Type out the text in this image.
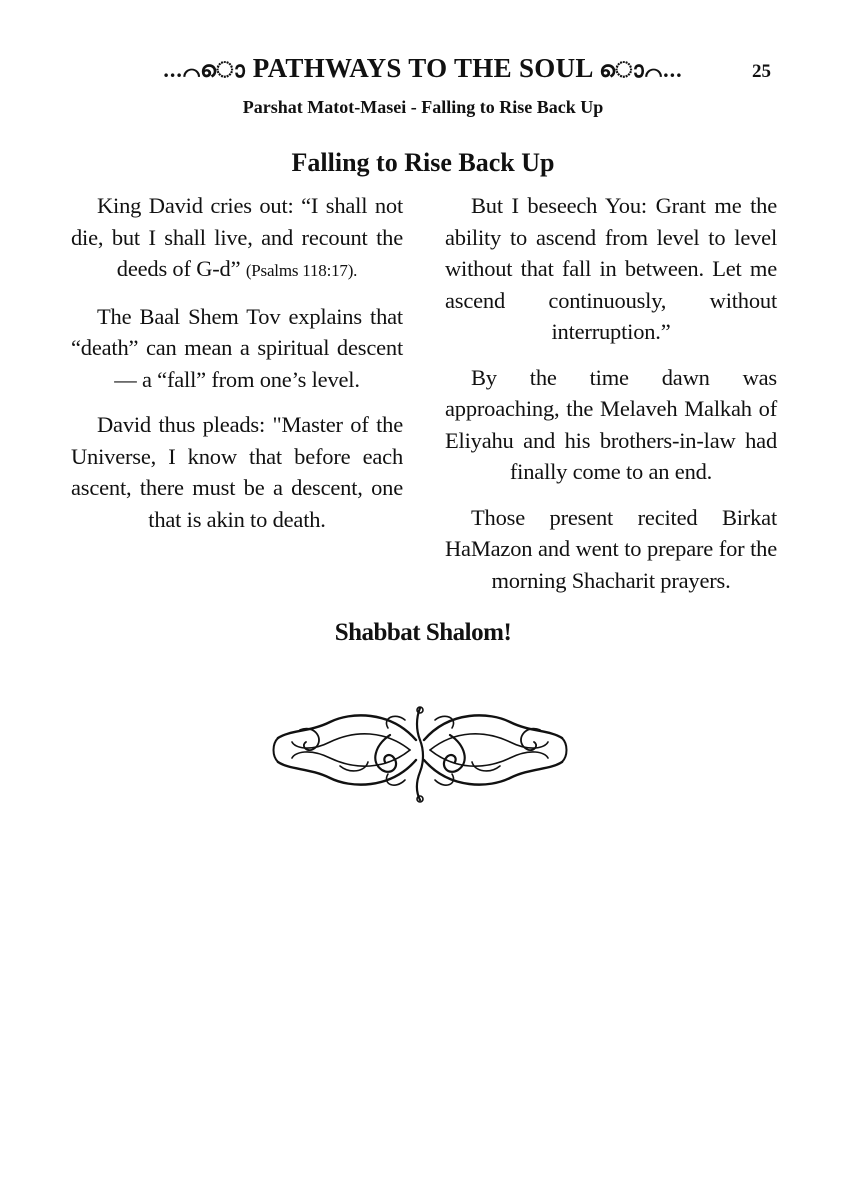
...⌒ൊ PATHWAYS TO THE SOUL ൊ⌒...	25
Parshat Matot-Masei - Falling to Rise Back Up
Falling to Rise Back Up

King David cries out: “I shall not die, but I shall live, and recount the deeds of G-d” (Psalms 118:17).

The Baal Shem Tov explains that “death” can mean a spiritual descent — a “fall” from one’s level.

David thus pleads: "Master of the Universe, I know that before each ascent, there must be a descent, one that is akin to death.

But I beseech You: Grant me the ability to ascend from level to level without that fall in between. Let me ascend continuously, without interruption.”

By the time dawn was approaching, the Melaveh Malkah of Eliyahu and his brothers-in-law had finally come to an end.

Those present recited Birkat HaMazon and went to prepare for the morning Shacharit prayers.

Shabbat Shalom!
